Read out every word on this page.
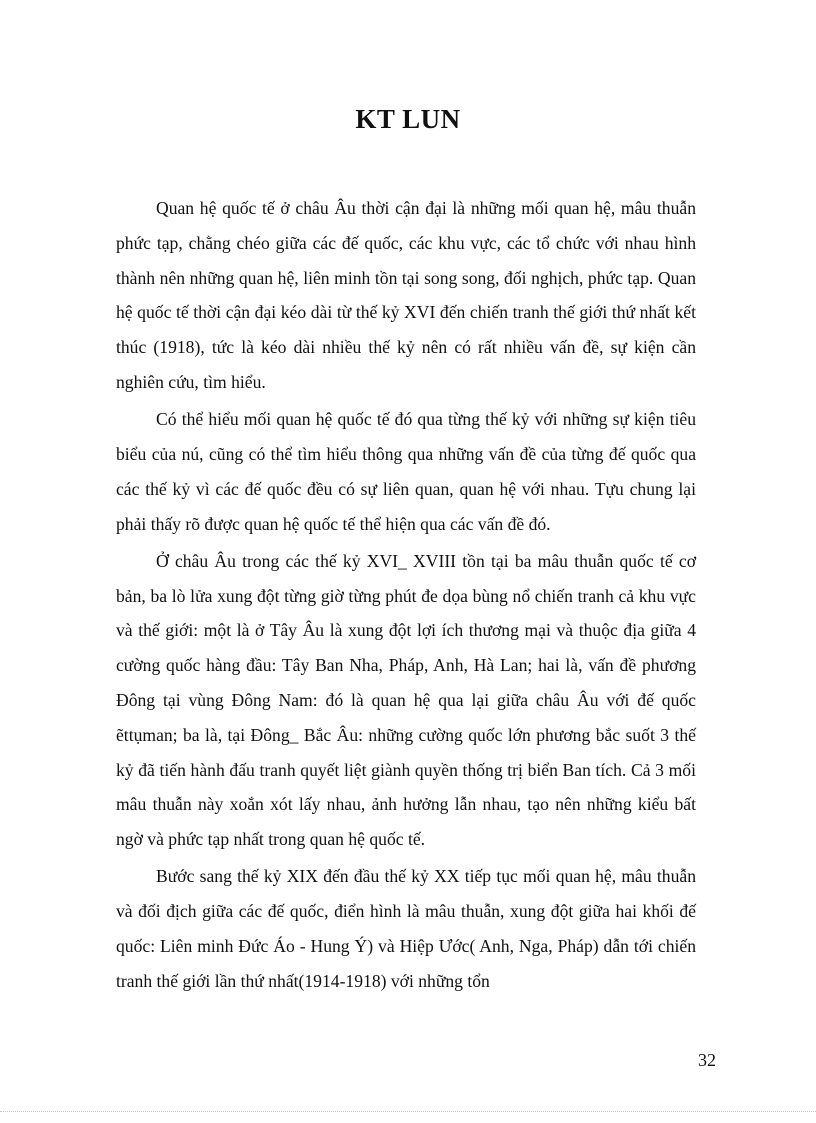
KT LUN

Quan hệ quốc tế ở châu Âu thời cận đại là những mối quan hệ, mâu thuẫn phức tạp, chằng chéo giữa các đế quốc, các khu vực, các tổ chức với nhau hình thành nên những quan hệ, liên minh tồn tại song song, đối nghịch, phức tạp. Quan hệ quốc tế thời cận đại kéo dài từ thế kỷ XVI đến chiến tranh thế giới thứ nhất kết thúc (1918), tức là kéo dài nhiều thế kỷ nên có rất nhiều vấn đề, sự kiện cần nghiên cứu, tìm hiểu.

Có thể hiểu mối quan hệ quốc tế đó qua từng thế kỷ với những sự kiện tiêu biểu của nú, cũng có thể tìm hiểu thông qua những vấn đề của từng đế quốc qua các thế kỷ vì các đế quốc đều có sự liên quan, quan hệ với nhau. Tựu chung lại phải thấy rõ được quan hệ quốc tế thể hiện qua các vấn đề đó.

Ở châu Âu trong các thế kỷ XVI_ XVIII tồn tại ba mâu thuẫn quốc tế cơ bản, ba lò lửa xung đột từng giờ từng phút đe dọa bùng nổ chiến tranh cả khu vực và thế giới: một là ở Tây Âu là xung đột lợi ích thương mại và thuộc địa giữa 4 cường quốc hàng đầu: Tây Ban Nha, Pháp, Anh, Hà Lan; hai là, vấn đề phương Đông tại vùng Đông Nam: đó là quan hệ qua lại giữa châu Âu với đế quốc ẽttụman; ba là, tại Đông_ Bắc Âu: những cường quốc lớn phương bắc suốt 3 thế kỷ đã tiến hành đấu tranh quyết liệt giành quyền thống trị biển Ban tích. Cả 3 mối mâu thuẫn này xoắn xót lấy nhau, ảnh hưởng lẫn nhau, tạo nên những kiểu bất ngờ và phức tạp nhất trong quan hệ quốc tế.

Bước sang thế kỷ XIX đến đầu thế kỷ XX tiếp tục mối quan hệ, mâu thuẫn và đối địch giữa các đế quốc, điển hình là mâu thuẫn, xung đột giữa hai khối đế quốc: Liên minh Đức Áo - Hung Ý) và Hiệp Ước( Anh, Nga, Pháp) dẫn tới chiến tranh thế giới lần thứ nhất(1914-1918) với những tổn

32
